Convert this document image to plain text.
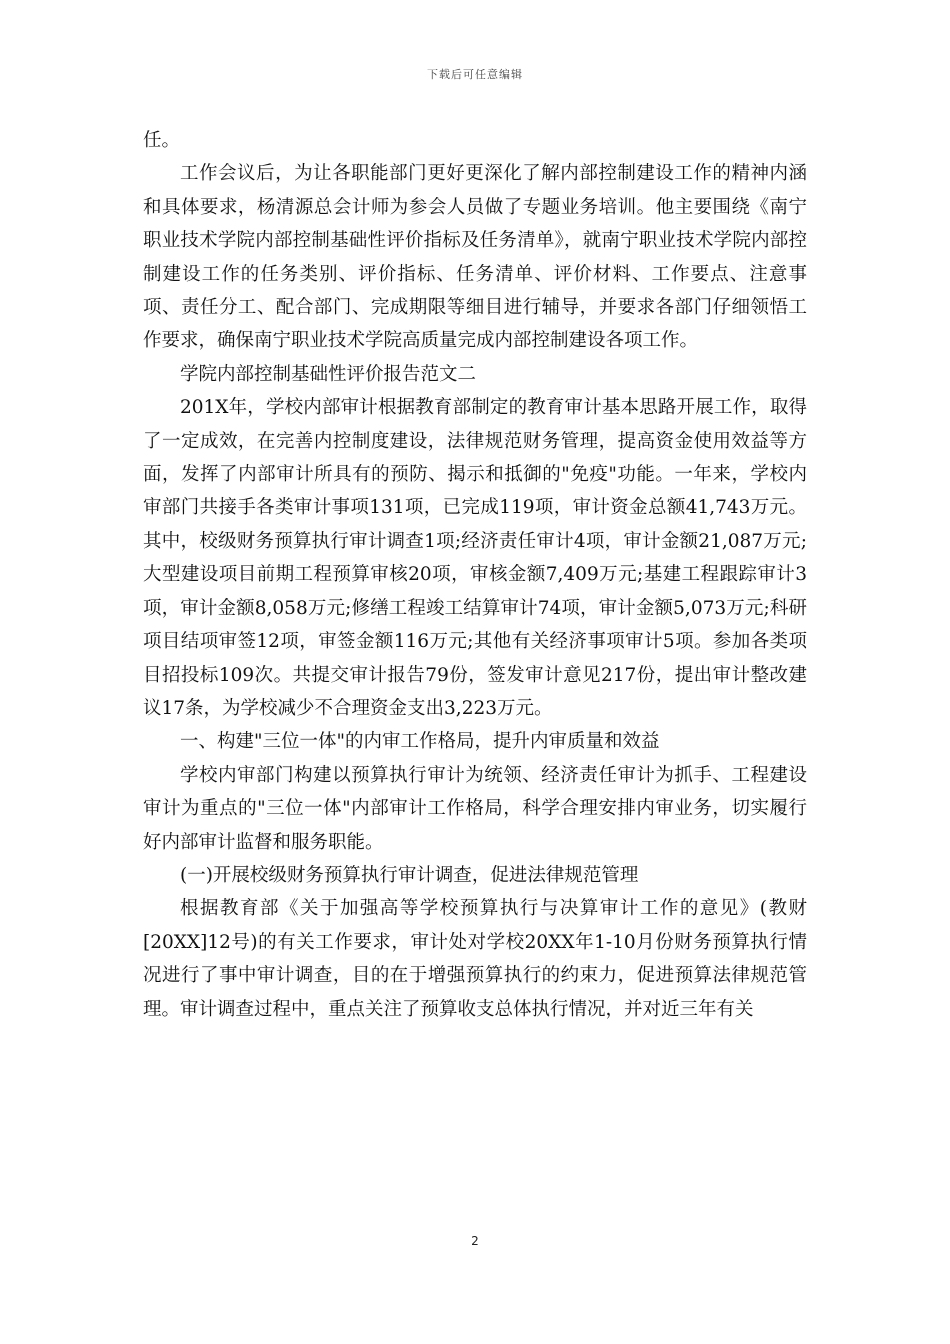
下载后可任意编辑

任。

工作会议后，为让各职能部门更好更深化了解内部控制建设工作的精神内涵和具体要求，杨清源总会计师为参会人员做了专题业务培训。他主要围绕《南宁职业技术学院内部控制基础性评价指标及任务清单》，就南宁职业技术学院内部控制建设工作的任务类别、评价指标、任务清单、评价材料、工作要点、注意事项、责任分工、配合部门、完成期限等细目进行辅导，并要求各部门仔细领悟工作要求，确保南宁职业技术学院高质量完成内部控制建设各项工作。

学院内部控制基础性评价报告范文二

201X年，学校内部审计根据教育部制定的教育审计基本思路开展工作，取得了一定成效，在完善内控制度建设，法律规范财务管理，提高资金使用效益等方面，发挥了内部审计所具有的预防、揭示和抵御的"免疫"功能。一年来，学校内审部门共接手各类审计事项131项，已完成119项，审计资金总额41,743万元。其中，校级财务预算执行审计调查1项;经济责任审计4项，审计金额21,087万元;大型建设项目前期工程预算审核20项，审核金额7,409万元;基建工程跟踪审计3项，审计金额8,058万元;修缮工程竣工结算审计74项，审计金额5,073万元;科研项目结项审签12项，审签金额116万元;其他有关经济事项审计5项。参加各类项目招投标109次。共提交审计报告79份，签发审计意见217份，提出审计整改建议17条，为学校减少不合理资金支出3,223万元。

一、构建"三位一体"的内审工作格局，提升内审质量和效益

学校内审部门构建以预算执行审计为统领、经济责任审计为抓手、工程建设审计为重点的"三位一体"内部审计工作格局，科学合理安排内审业务，切实履行好内部审计监督和服务职能。

(一)开展校级财务预算执行审计调查，促进法律规范管理

根据教育部《关于加强高等学校预算执行与决算审计工作的意见》(教财[20XX]12号)的有关工作要求，审计处对学校20XX年1-10月份财务预算执行情况进行了事中审计调查，目的在于增强预算执行的约束力，促进预算法律规范管理。审计调查过程中，重点关注了预算收支总体执行情况，并对近三年有关

2
